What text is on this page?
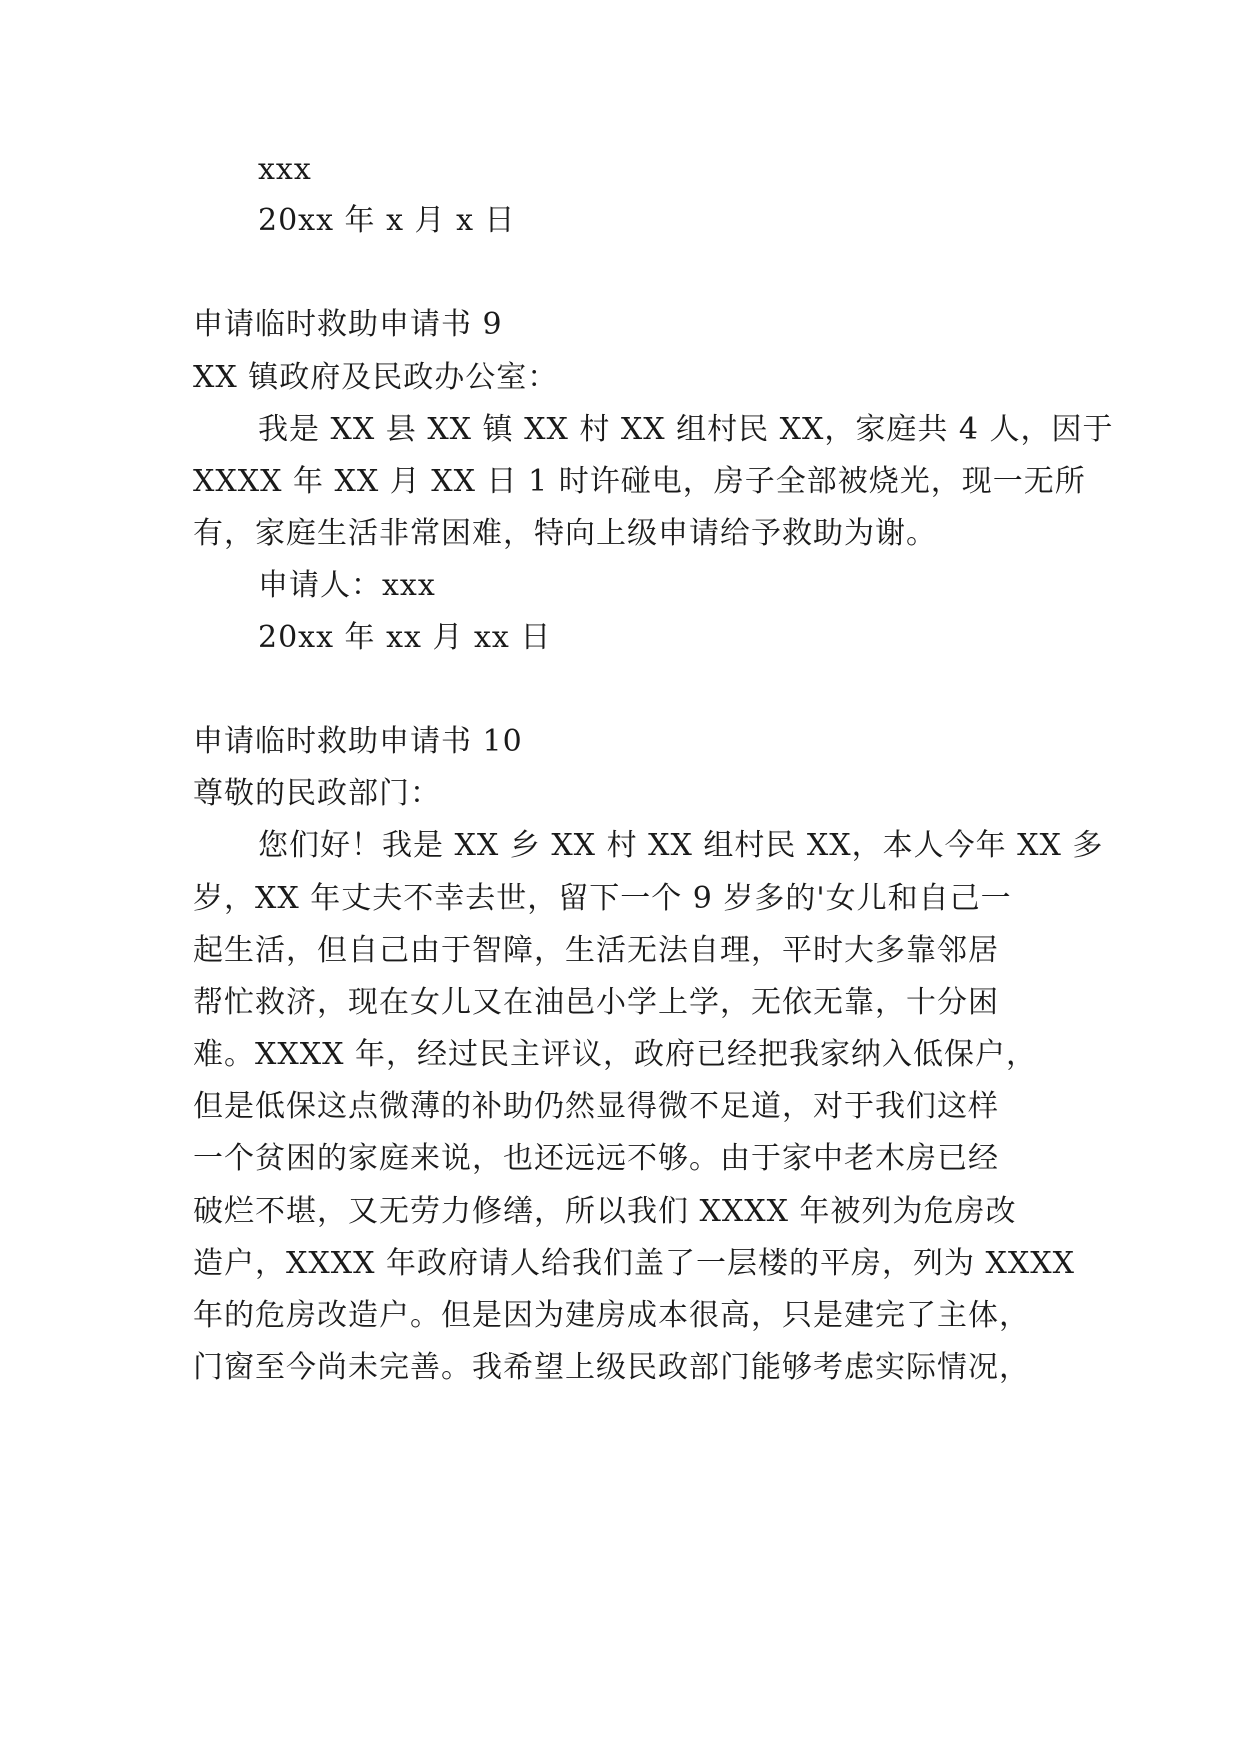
xxx
20xx 年 x 月 x 日
申请临时救助申请书 9
XX 镇政府及民政办公室：
我是 XX 县 XX 镇 XX 村 XX 组村民 XX，家庭共 4 人，因于
XXXX 年 XX 月 XX 日 1 时许碰电，房子全部被烧光，现一无所
有，家庭生活非常困难，特向上级申请给予救助为谢。
申请人：xxx
20xx 年 xx 月 xx 日
申请临时救助申请书 10
尊敬的民政部门：
您们好！我是 XX 乡 XX 村 XX 组村民 XX，本人今年 XX 多
岁，XX 年丈夫不幸去世，留下一个 9 岁多的'女儿和自己一
起生活，但自己由于智障，生活无法自理，平时大多靠邻居
帮忙救济，现在女儿又在油邑小学上学，无依无靠，十分困
难。XXXX 年，经过民主评议，政府已经把我家纳入低保户，
但是低保这点微薄的补助仍然显得微不足道，对于我们这样
一个贫困的家庭来说，也还远远不够。由于家中老木房已经
破烂不堪，又无劳力修缮，所以我们 XXXX 年被列为危房改
造户，XXXX 年政府请人给我们盖了一层楼的平房，列为 XXXX
年的危房改造户。但是因为建房成本很高，只是建完了主体，
门窗至今尚未完善。我希望上级民政部门能够考虑实际情况，
